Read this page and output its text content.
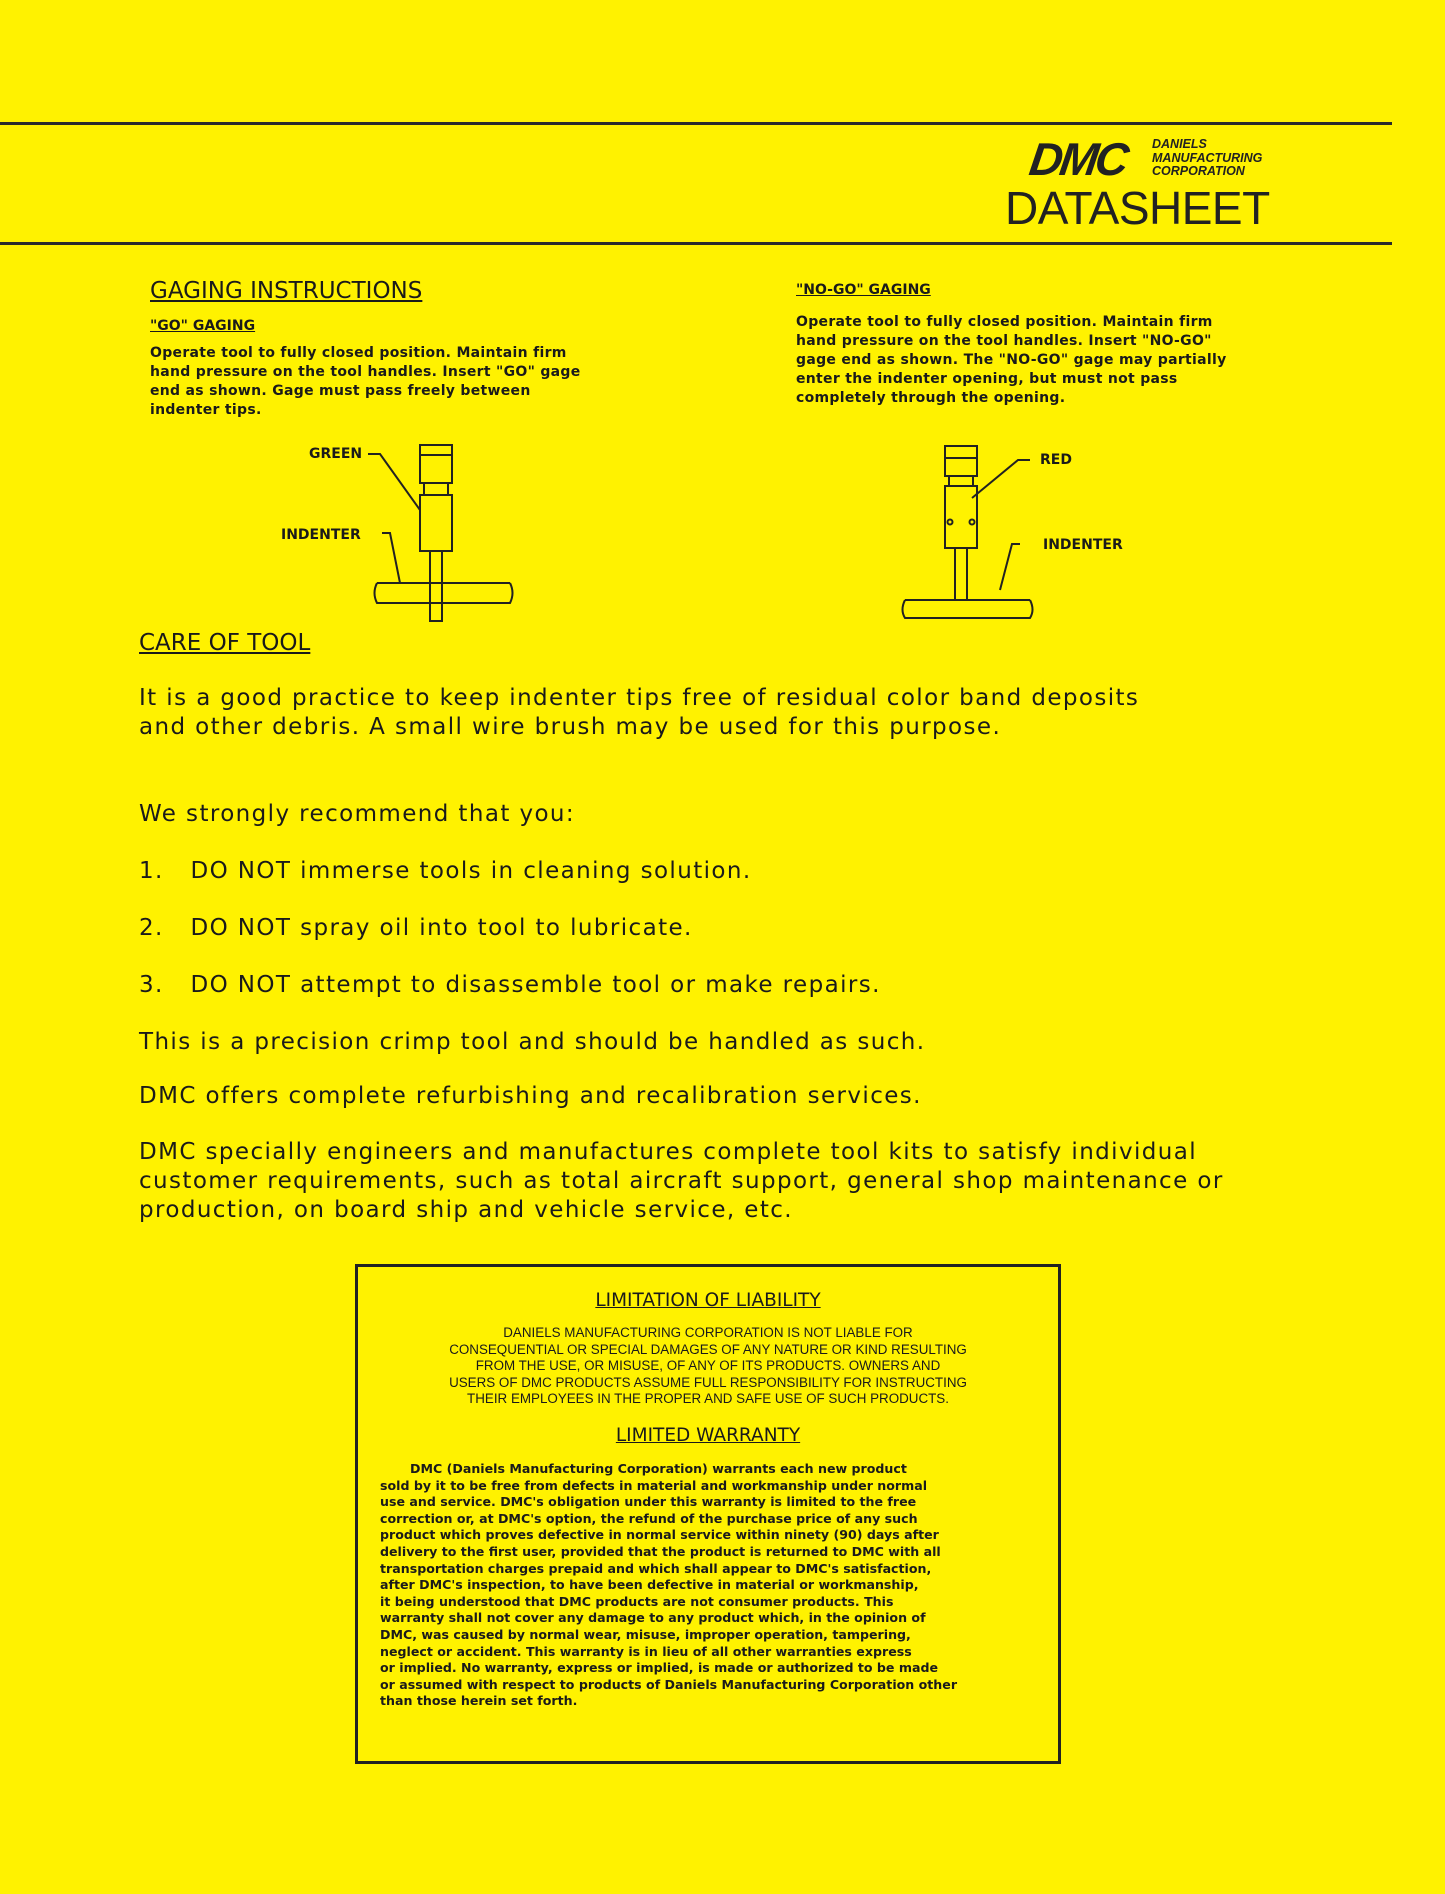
DMC DANIELS
MANUFACTURING
CORPORATION
DATASHEET
GAGING INSTRUCTIONS
"GO" GAGING
Operate tool to fully closed position. Maintain firm
hand pressure on the tool handles. Insert "GO" gage
end as shown. Gage must pass freely between
indenter tips.
"NO-GO" GAGING
Operate tool to fully closed position. Maintain firm
hand pressure on the tool handles. Insert "NO-GO"
gage end as shown. The "NO-GO" gage may partially
enter the indenter opening, but must not pass
completely through the opening.
GREEN
INDENTER
RED
INDENTER
CARE OF TOOL
It is a good practice to keep indenter tips free of residual color band deposits
and other debris. A small wire brush may be used for this purpose.
We strongly recommend that you:
1. DO NOT immerse tools in cleaning solution.
2. DO NOT spray oil into tool to lubricate.
3. DO NOT attempt to disassemble tool or make repairs.
This is a precision crimp tool and should be handled as such.
DMC offers complete refurbishing and recalibration services.
DMC specially engineers and manufactures complete tool kits to satisfy individual
customer requirements, such as total aircraft support, general shop maintenance or
production, on board ship and vehicle service, etc.
LIMITATION OF LIABILITY
DANIELS MANUFACTURING CORPORATION IS NOT LIABLE FOR
CONSEQUENTIAL OR SPECIAL DAMAGES OF ANY NATURE OR KIND RESULTING
FROM THE USE, OR MISUSE, OF ANY OF ITS PRODUCTS. OWNERS AND
USERS OF DMC PRODUCTS ASSUME FULL RESPONSIBILITY FOR INSTRUCTING
THEIR EMPLOYEES IN THE PROPER AND SAFE USE OF SUCH PRODUCTS.
LIMITED WARRANTY
DMC (Daniels Manufacturing Corporation) warrants each new product
sold by it to be free from defects in material and workmanship under normal
use and service. DMC's obligation under this warranty is limited to the free
correction or, at DMC's option, the refund of the purchase price of any such
product which proves defective in normal service within ninety (90) days after
delivery to the first user, provided that the product is returned to DMC with all
transportation charges prepaid and which shall appear to DMC's satisfaction,
after DMC's inspection, to have been defective in material or workmanship,
it being understood that DMC products are not consumer products. This
warranty shall not cover any damage to any product which, in the opinion of
DMC, was caused by normal wear, misuse, improper operation, tampering,
neglect or accident. This warranty is in lieu of all other warranties express
or implied. No warranty, express or implied, is made or authorized to be made
or assumed with respect to products of Daniels Manufacturing Corporation other
than those herein set forth.
